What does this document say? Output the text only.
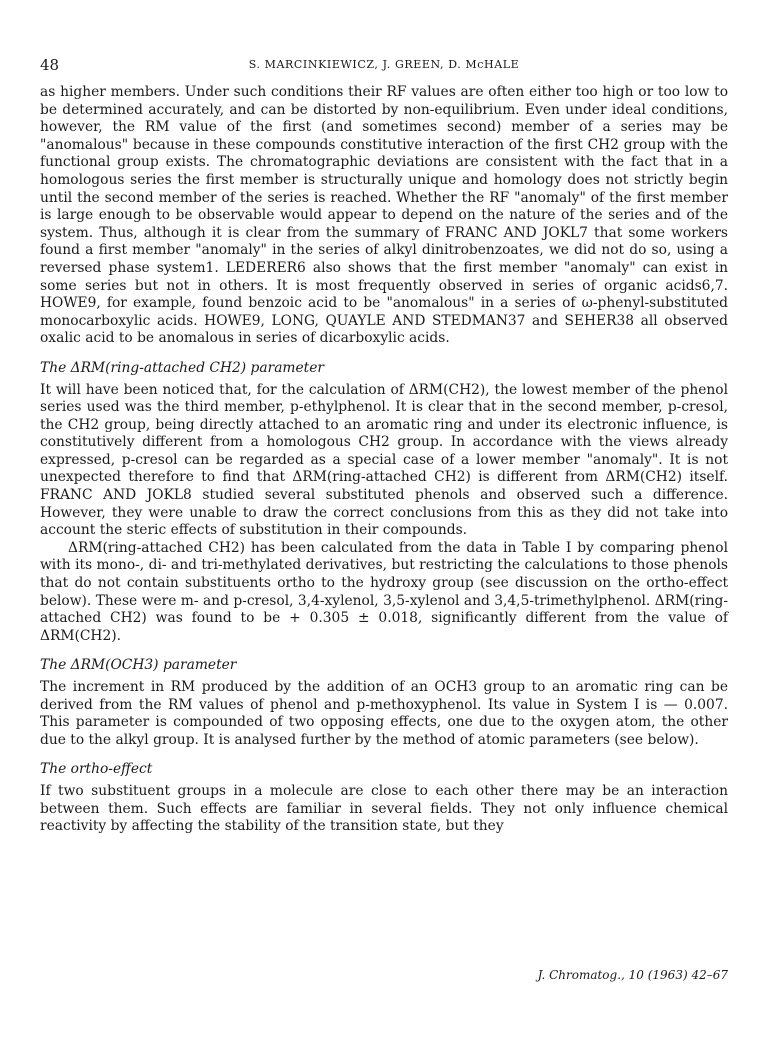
48	S. MARCINKIEWICZ, J. GREEN, D. McHALE

as higher members. Under such conditions their RF values are often either too high or too low to be determined accurately, and can be distorted by non-equilibrium. Even under ideal conditions, however, the RM value of the first (and sometimes second) member of a series may be "anomalous" because in these compounds constitutive interaction of the first CH2 group with the functional group exists. The chromatographic deviations are consistent with the fact that in a homologous series the first member is structurally unique and homology does not strictly begin until the second member of the series is reached. Whether the RF "anomaly" of the first member is large enough to be observable would appear to depend on the nature of the series and of the system. Thus, although it is clear from the summary of FRANC AND JOKL7 that some workers found a first member "anomaly" in the series of alkyl dinitrobenzoates, we did not do so, using a reversed phase system1. LEDERER6 also shows that the first member "anomaly" can exist in some series but not in others. It is most frequently observed in series of organic acids6,7. HOWE9, for example, found benzoic acid to be "anomalous" in a series of ω-phenyl-substituted monocarboxylic acids. HOWE9, LONG, QUAYLE AND STEDMAN37 and SEHER38 all observed oxalic acid to be anomalous in series of dicarboxylic acids.

The ΔRM(ring-attached CH2) parameter

It will have been noticed that, for the calculation of ΔRM(CH2), the lowest member of the phenol series used was the third member, p-ethylphenol. It is clear that in the second member, p-cresol, the CH2 group, being directly attached to an aromatic ring and under its electronic influence, is constitutively different from a homologous CH2 group. In accordance with the views already expressed, p-cresol can be regarded as a special case of a lower member "anomaly". It is not unexpected therefore to find that ΔRM(ring-attached CH2) is different from ΔRM(CH2) itself. FRANC AND JOKL8 studied several substituted phenols and observed such a difference. However, they were unable to draw the correct conclusions from this as they did not take into account the steric effects of substitution in their compounds.

ΔRM(ring-attached CH2) has been calculated from the data in Table I by comparing phenol with its mono-, di- and tri-methylated derivatives, but restricting the calculations to those phenols that do not contain substituents ortho to the hydroxy group (see discussion on the ortho-effect below). These were m- and p-cresol, 3,4-xylenol, 3,5-xylenol and 3,4,5-trimethylphenol. ΔRM(ring-attached CH2) was found to be + 0.305 ± 0.018, significantly different from the value of ΔRM(CH2).

The ΔRM(OCH3) parameter

The increment in RM produced by the addition of an OCH3 group to an aromatic ring can be derived from the RM values of phenol and p-methoxyphenol. Its value in System I is — 0.007. This parameter is compounded of two opposing effects, one due to the oxygen atom, the other due to the alkyl group. It is analysed further by the method of atomic parameters (see below).

The ortho-effect

If two substituent groups in a molecule are close to each other there may be an interaction between them. Such effects are familiar in several fields. They not only influence chemical reactivity by affecting the stability of the transition state, but they

J. Chromatog., 10 (1963) 42–67
